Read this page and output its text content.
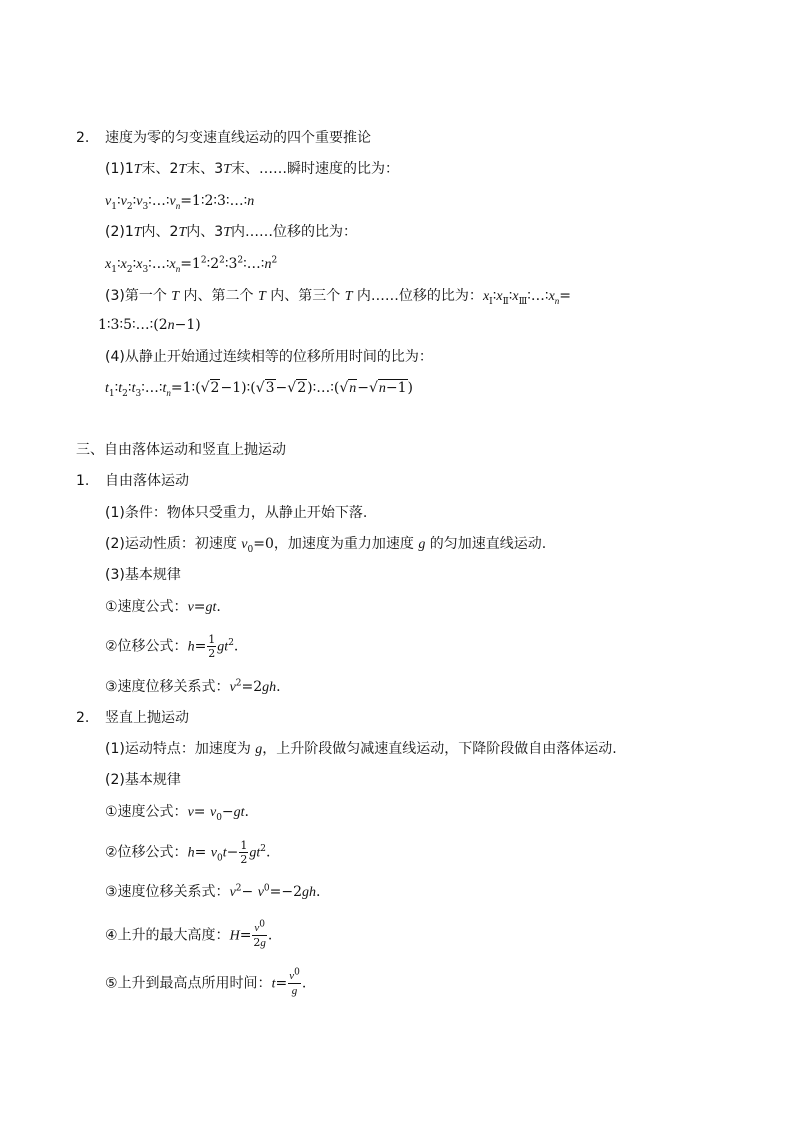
2. 速度为零的匀变速直线运动的四个重要推论
(1)1T末、2T末、3T末、……瞬时速度的比为：
$v_1∶v_2∶v_3∶\dots∶v_n=1∶2∶3∶\dots∶n$
(2)1T内、2T内、3T内……位移的比为：
$x_1∶x_2∶x_3∶\dots∶x_n=1^2∶2^2∶3^2∶\dots∶n^2$
(3)第一个 T 内、第二个 T 内、第三个 T 内……位移的比为：$x_Ⅰ∶x_Ⅱ∶x_Ⅲ∶\dots∶x_n=$
1∶3∶5∶…∶(2n−1)
(4)从静止开始通过连续相等的位移所用时间的比为：
$t_1∶t_2∶t_3∶\dots∶t_n=1∶(√2-1)∶(√3-√2)∶\dots∶(√n-√n-1)$
三、自由落体运动和竖直上抛运动
1. 自由落体运动
(1)条件：物体只受重力，从静止开始下落.
(2)运动性质：初速度 $v_0=0$，加速度为重力加速度 g 的匀加速直线运动.
(3)基本规律
①速度公式：v=gt.
②位移公式：$h= \frac{1}{2} gt^2$.
③速度位移关系式：$v^2=2gh$.
2. 竖直上抛运动
(1)运动特点：加速度为 g，上升阶段做匀减速直线运动，下降阶段做自由落体运动.
(2)基本规律
①速度公式：$v= v_0-gt$.
②位移公式：$h= v_0t- \frac{1}{2} gt^2$.
③速度位移关系式：$v^2- v^0=-2gh$.
④上升的最大高度：$H= \frac{v^0}{2g}$ .
⑤上升到最高点所用时间：$t= \frac{v^0}{g}$ .
